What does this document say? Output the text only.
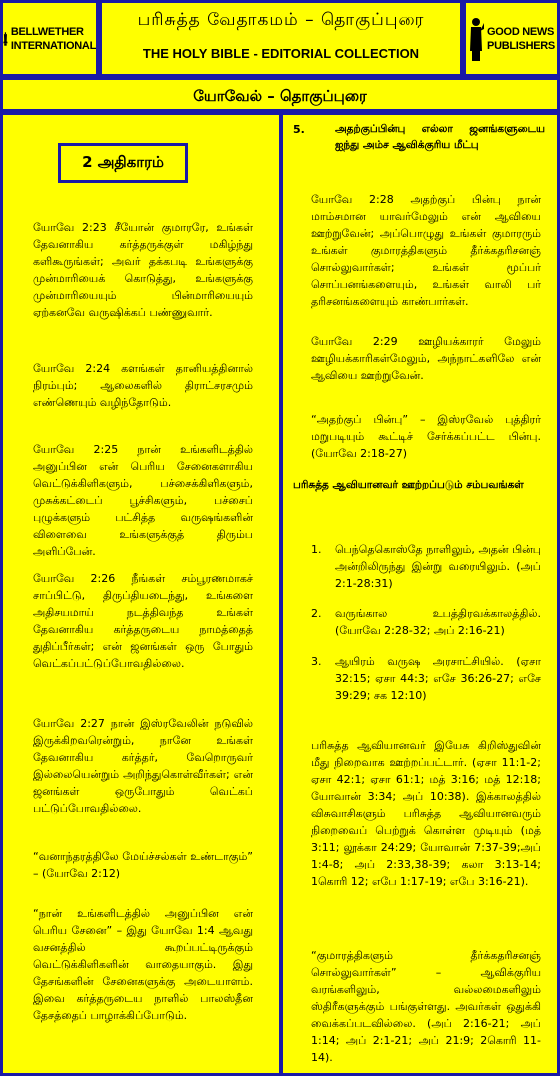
BELLWETHER
INTERNATIONAL
பரிசுத்த வேதாகமம் – தொகுப்புரை
THE HOLY BIBLE - EDITORIAL COLLECTION
GOOD NEWS
PUBLISHERS
யோவேல் – தொகுப்புரை
2 அதிகாரம்

யோவே 2:23 சீயோன் குமாரரே, உங்கள் தேவனாகிய கர்த்தருக்குள் மகிழ்ந்து களிகூருங்கள்; அவர் தக்கபடி உங்களுக்கு முன்மாரியைக் கொடுத்து, உங்களுக்கு முன்மாரியையும் பின்மாரியையும் ஏற்கனவே வருஷிக்கப் பண்ணுவார்.

யோவே 2:24 களங்கள் தானியத்தினால் நிரம்பும்; ஆலைகளில் திராட்சரசமும் எண்ணெயும் வழிந்தோடும்.

யோவே 2:25 நான் உங்களிடத்தில் அனுப்பின என் பெரிய சேனைகளாகிய வெட்டுக்கிளிகளும், பச்சைக்கிளிகளும், முசுக்கட்டைப் பூச்சிகளும், பச்சைப் புழுக்களும் பட்சித்த வருஷங்களின் விளைவை உங்களுக்குத் திரும்ப அளிப்பேன்.

யோவே 2:26 நீங்கள் சம்பூரணமாகச் சாப்பிட்டு, திருப்தியடைந்து, உங்களை அதிசயமாய் நடத்திவந்த உங்கள் தேவனாகிய கர்த்தருடைய நாமத்தைத் துதிப்பீர்கள்; என் ஜனங்கள் ஒரு போதும் வெட்கப்பட்டுப்போவதில்லை.

யோவே 2:27 நான் இஸ்ரவேலின் நடுவில் இருக்கிறவரென்றும், நானே உங்கள் தேவனாகிய கர்த்தர், வேறொருவர் இல்லையென்றும் அறிந்துகொள்வீர்கள்; என் ஜனங்கள் ஒருபோதும் வெட்கப் பட்டுப்போவதில்லை.

“வனாந்தரத்திலே மேய்ச்சல்கள் உண்டாகும்” – (யோவே 2:12)

“நான் உங்களிடத்தில் அனுப்பின என் பெரிய சேனை” – இது யோவே 1:4 ஆவது வசனத்தில் கூறப்பட்டிருக்கும் வெட்டுக்கிளிகளின் வாதையாகும். இது தேசங்களின் சேனைகளுக்கு அடையாளம். இவை கர்த்தருடைய நாளில் பாலஸ்தீன தேசத்தைப் பாழாக்கிப்போடும்.

5.	அதற்குப்பின்பு எல்லா ஜனங்களுடைய ஐந்து அம்ச ஆவிக்குரிய மீட்பு

யோவே 2:28 அதற்குப் பின்பு நான் மாம்சமான யாவர்மேலும் என் ஆவியை ஊற்றுவேன்; அப்பொழுது உங்கள் குமாரரும் உங்கள் குமாரத்திகளும் தீர்க்கதரிசனஞ் சொல்லுவார்கள்; உங்கள் மூப்பர் சொப்பனங்களையும், உங்கள் வாலி பர் தரிசனங்களையும் காண்பார்கள்.

யோவே 2:29 ஊழியக்காரர் மேலும் ஊழியக்காரிகள்மேலும், அந்நாட்களிலே என் ஆவியை ஊற்றுவேன்.

“அதற்குப் பின்பு” – இஸ்ரவேல் புத்திரர் மறுபடியும் கூட்டிச் சேர்க்கப்பட்ட பின்பு. (யோவே 2:18-27)

பரிசுத்த ஆவியானவர் ஊற்றப்படும் சம்பவங்கள்

1. பெந்தெகொஸ்தே நாளிலும், அதன் பின்பு அன்றிலிருந்து இன்று வரையிலும். (அப் 2:1-28:31)

2. வருங்கால உபத்திரவக்காலத்தில். (யோவே 2:28-32; அப் 2:16-21)

3. ஆயிரம் வருஷ அரசாட்சியில். (ஏசா 32:15; ஏசா 44:3; எசே 36:26-27; எசே 39:29; சக 12:10)

பரிசுத்த ஆவியானவர் இயேசு கிறிஸ்துவின் மீது நிறைவாக ஊற்றப்பட்டார். (ஏசா 11:1-2; ஏசா 42:1; ஏசா 61:1; மத் 3:16; மத் 12:18; யோவான் 3:34; அப் 10:38). இக்காலத்தில் விசுவாசிகளும் பரிசுத்த ஆவியானவரும் நிறைவைப் பெற்றுக் கொள்ள முடியும் (மத் 3:11; லூக்கா 24:29; யோவான் 7:37-39;அப் 1:4-8; அப் 2:33,38-39; கலா 3:13-14; 1கொரி 12; எபே 1:17-19; எபே 3:16-21).

“குமாரத்திகளும் தீர்க்கதரிசனஞ் சொல்லுவார்கள்” – ஆவிக்குரிய வரங்களிலும், வல்லமைகளிலும் ஸ்திரீகளுக்கும் பங்குள்ளது. அவர்கள் ஒதுக்கி வைக்கப்படவில்லை. (அப் 2:16-21; அப் 1:14; அப் 2:1-21; அப் 21:9; 2கொரி 11-14).
